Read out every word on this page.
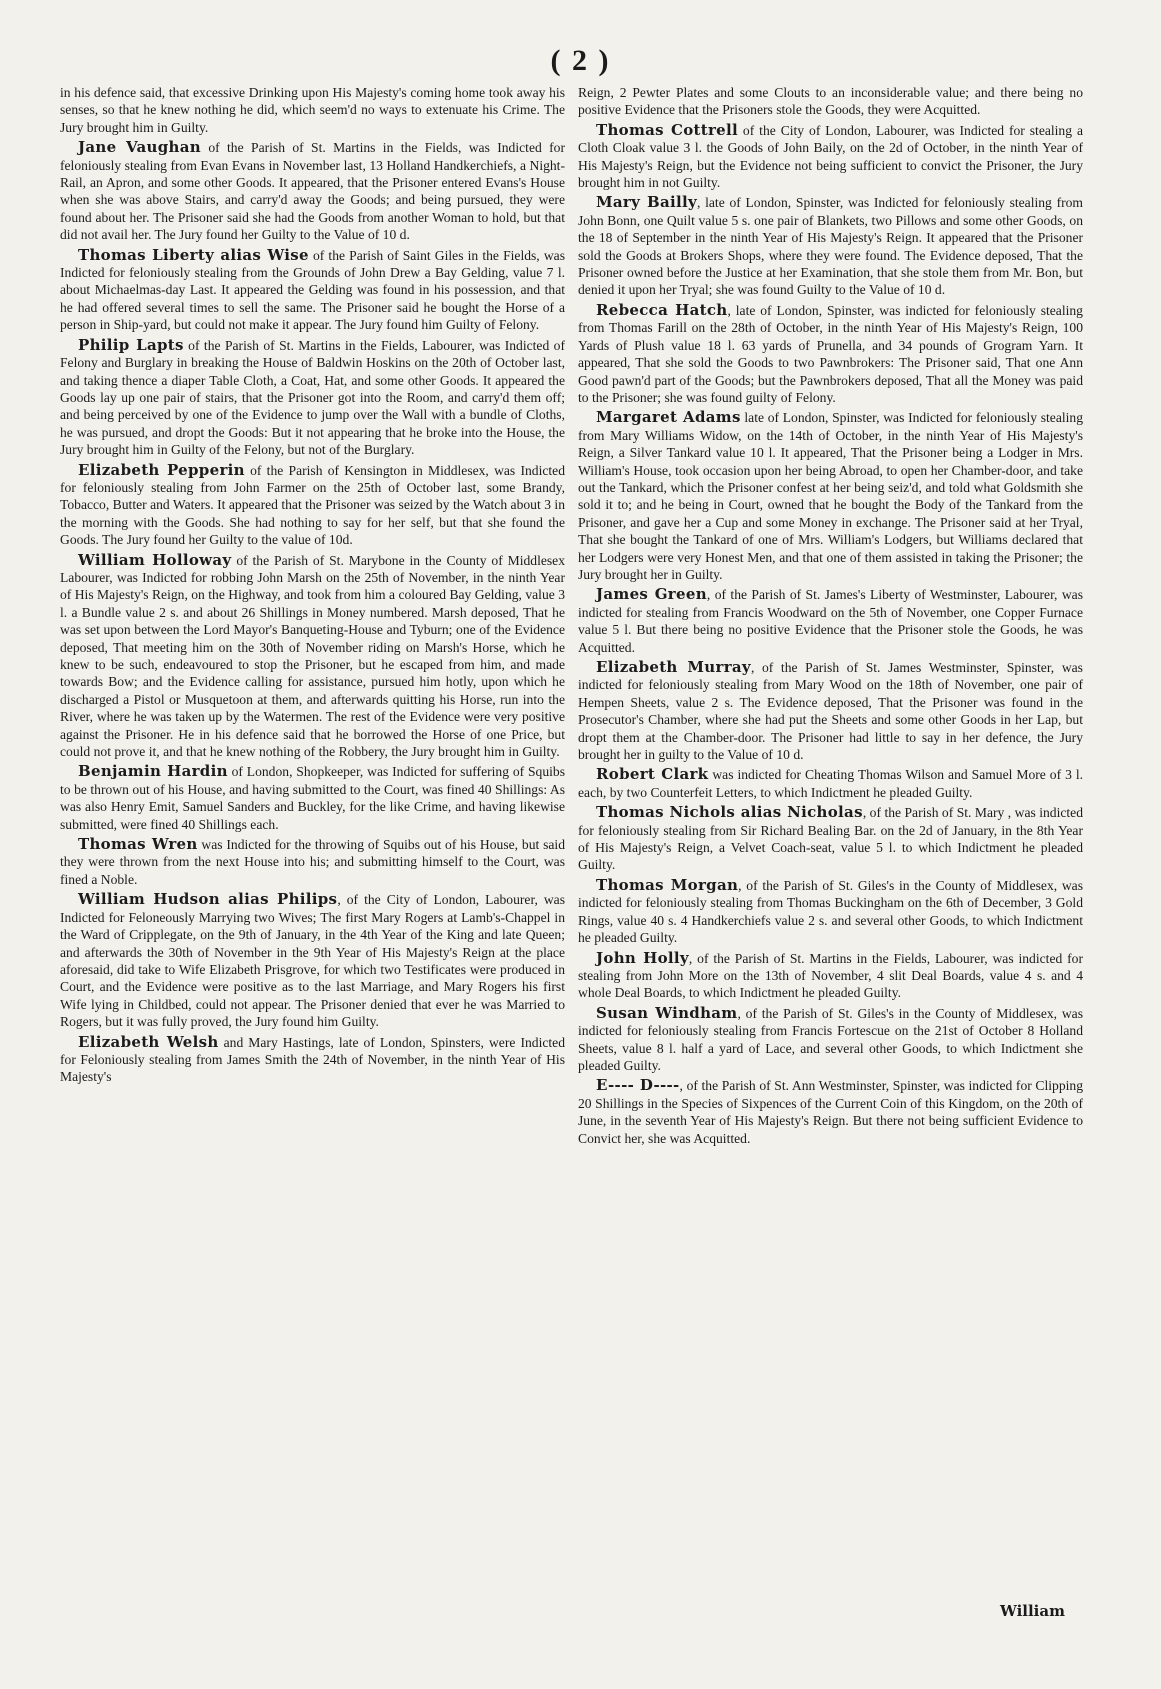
( 2 )

in his defence said, that excessive Drinking upon His Majesty's coming home took away his senses, so that he knew nothing he did, which seem'd no ways to extenuate his Crime. The Jury brought him in Guilty.

Jane Vaughan of the Parish of St. Martins in the Fields, was Indicted for feloniously stealing from Evan Evans in November last, 13 Holland Handkerchiefs, a Night-Rail, an Apron, and some other Goods. It appeared, that the Prisoner entered Evans's House when she was above Stairs, and carry'd away the Goods; and being pursued, they were found about her. The Prisoner said she had the Goods from another Woman to hold, but that did not avail her. The Jury found her Guilty to the Value of 10 d.

Thomas Liberty alias Wise of the Parish of Saint Giles in the Fields, was Indicted for feloniously stealing from the Grounds of John Drew a Bay Gelding, value 7 l. about Michaelmas-day Last. It appeared the Gelding was found in his possession, and that he had offered several times to sell the same. The Prisoner said he bought the Horse of a person in Ship-yard, but could not make it appear. The Jury found him Guilty of Felony.

Philip Lapts of the Parish of St. Martins in the Fields, Labourer, was Indicted of Felony and Burglary in breaking the House of Baldwin Hoskins on the 20th of October last, and taking thence a diaper Table Cloth, a Coat, Hat, and some other Goods. It appeared the Goods lay up one pair of stairs, that the Prisoner got into the Room, and carry'd them off; and being perceived by one of the Evidence to jump over the Wall with a bundle of Cloths, he was pursued, and dropt the Goods: But it not appearing that he broke into the House, the Jury brought him in Guilty of the Felony, but not of the Burglary.

Elizabeth Pepperin of the Parish of Kensington in Middlesex, was Indicted for feloniously stealing from John Farmer on the 25th of October last, some Brandy, Tobacco, Butter and Waters. It appeared that the Prisoner was seized by the Watch about 3 in the morning with the Goods. She had nothing to say for her self, but that she found the Goods. The Jury found her Guilty to the value of 10d.

William Holloway of the Parish of St. Marybone in the County of Middlesex Labourer, was Indicted for robbing John Marsh on the 25th of November, in the ninth Year of His Majesty's Reign, on the Highway, and took from him a coloured Bay Gelding, value 3 l. a Bundle value 2 s. and about 26 Shillings in Money numbered. Marsh deposed, That he was set upon between the Lord Mayor's Banqueting-House and Tyburn; one of the Evidence deposed, That meeting him on the 30th of November riding on Marsh's Horse, which he knew to be such, endeavoured to stop the Prisoner, but he escaped from him, and made towards Bow; and the Evidence calling for assistance, pursued him hotly, upon which he discharged a Pistol or Musquetoon at them, and afterwards quitting his Horse, run into the River, where he was taken up by the Watermen. The rest of the Evidence were very positive against the Prisoner. He in his defence said that he borrowed the Horse of one Price, but could not prove it, and that he knew nothing of the Robbery, the Jury brought him in Guilty.

Benjamin Hardin of London, Shopkeeper, was Indicted for suffering of Squibs to be thrown out of his House, and having submitted to the Court, was fined 40 Shillings: As was also Henry Emit, Samuel Sanders and Buckley, for the like Crime, and having likewise submitted, were fined 40 Shillings each.

Thomas Wren was Indicted for the throwing of Squibs out of his House, but said they were thrown from the next House into his; and submitting himself to the Court, was fined a Noble.

William Hudson alias Philips, of the City of London, Labourer, was Indicted for Feloneously Marrying two Wives; The first Mary Rogers at Lamb's-Chappel in the Ward of Cripplegate, on the 9th of January, in the 4th Year of the King and late Queen; and afterwards the 30th of November in the 9th Year of His Majesty's Reign at the place aforesaid, did take to Wife Elizabeth Prisgrove, for which two Testificates were produced in Court, and the Evidence were positive as to the last Marriage, and Mary Rogers his first Wife lying in Childbed, could not appear. The Prisoner denied that ever he was Married to Rogers, but it was fully proved, the Jury found him Guilty.

Elizabeth Welsh and Mary Hastings, late of London, Spinsters, were Indicted for Feloniously stealing from James Smith the 24th of November, in the ninth Year of His Majesty's

Reign, 2 Pewter Plates and some Clouts to an inconsiderable value; and there being no positive Evidence that the Prisoners stole the Goods, they were Acquitted.

Thomas Cottrell of the City of London, Labourer, was Indicted for stealing a Cloth Cloak value 3 l. the Goods of John Baily, on the 2d of October, in the ninth Year of His Majesty's Reign, but the Evidence not being sufficient to convict the Prisoner, the Jury brought him in not Guilty.

Mary Bailly, late of London, Spinster, was Indicted for feloniously stealing from John Bonn, one Quilt value 5 s. one pair of Blankets, two Pillows and some other Goods, on the 18 of September in the ninth Year of His Majesty's Reign. It appeared that the Prisoner sold the Goods at Brokers Shops, where they were found. The Evidence deposed, That the Prisoner owned before the Justice at her Examination, that she stole them from Mr. Bon, but denied it upon her Tryal; she was found Guilty to the Value of 10 d.

Rebecca Hatch, late of London, Spinster, was indicted for feloniously stealing from Thomas Farill on the 28th of October, in the ninth Year of His Majesty's Reign, 100 Yards of Plush value 18 l. 63 yards of Prunella, and 34 pounds of Grogram Yarn. It appeared, That she sold the Goods to two Pawnbrokers: The Prisoner said, That one Ann Good pawn'd part of the Goods; but the Pawnbrokers deposed, That all the Money was paid to the Prisoner; she was found guilty of Felony.

Margaret Adams late of London, Spinster, was Indicted for feloniously stealing from Mary Williams Widow, on the 14th of October, in the ninth Year of His Majesty's Reign, a Silver Tankard value 10 l. It appeared, That the Prisoner being a Lodger in Mrs. William's House, took occasion upon her being Abroad, to open her Chamber-door, and take out the Tankard, which the Prisoner confest at her being seiz'd, and told what Goldsmith she sold it to; and he being in Court, owned that he bought the Body of the Tankard from the Prisoner, and gave her a Cup and some Money in exchange. The Prisoner said at her Tryal, That she bought the Tankard of one of Mrs. William's Lodgers, but Williams declared that her Lodgers were very Honest Men, and that one of them assisted in taking the Prisoner; the Jury brought her in Guilty.

James Green, of the Parish of St. James's Liberty of Westminster, Labourer, was indicted for stealing from Francis Woodward on the 5th of November, one Copper Furnace value 5 l. But there being no positive Evidence that the Prisoner stole the Goods, he was Acquitted.

Elizabeth Murray, of the Parish of St. James Westminster, Spinster, was indicted for feloniously stealing from Mary Wood on the 18th of November, one pair of Hempen Sheets, value 2 s. The Evidence deposed, That the Prisoner was found in the Prosecutor's Chamber, where she had put the Sheets and some other Goods in her Lap, but dropt them at the Chamber-door. The Prisoner had little to say in her defence, the Jury brought her in guilty to the Value of 10 d.

Robert Clark was indicted for Cheating Thomas Wilson and Samuel More of 3 l. each, by two Counterfeit Letters, to which Indictment he pleaded Guilty.

Thomas Nichols alias Nicholas, of the Parish of St. Mary , was indicted for feloniously stealing from Sir Richard Bealing Bar. on the 2d of January, in the 8th Year of His Majesty's Reign, a Velvet Coach-seat, value 5 l. to which Indictment he pleaded Guilty.

Thomas Morgan, of the Parish of St. Giles's in the County of Middlesex, was indicted for feloniously stealing from Thomas Buckingham on the 6th of December, 3 Gold Rings, value 40 s. 4 Handkerchiefs value 2 s. and several other Goods, to which Indictment he pleaded Guilty.

John Holly, of the Parish of St. Martins in the Fields, Labourer, was indicted for stealing from John More on the 13th of November, 4 slit Deal Boards, value 4 s. and 4 whole Deal Boards, to which Indictment he pleaded Guilty.

Susan Windham, of the Parish of St. Giles's in the County of Middlesex, was indicted for feloniously stealing from Francis Fortescue on the 21st of October 8 Holland Sheets, value 8 l. half a yard of Lace, and several other Goods, to which Indictment she pleaded Guilty.

E---- D----, of the Parish of St. Ann Westminster, Spinster, was indicted for Clipping 20 Shillings in the Species of Sixpences of the Current Coin of this Kingdom, on the 20th of June, in the seventh Year of His Majesty's Reign. But there not being sufficient Evidence to Convict her, she was Acquitted.

William
